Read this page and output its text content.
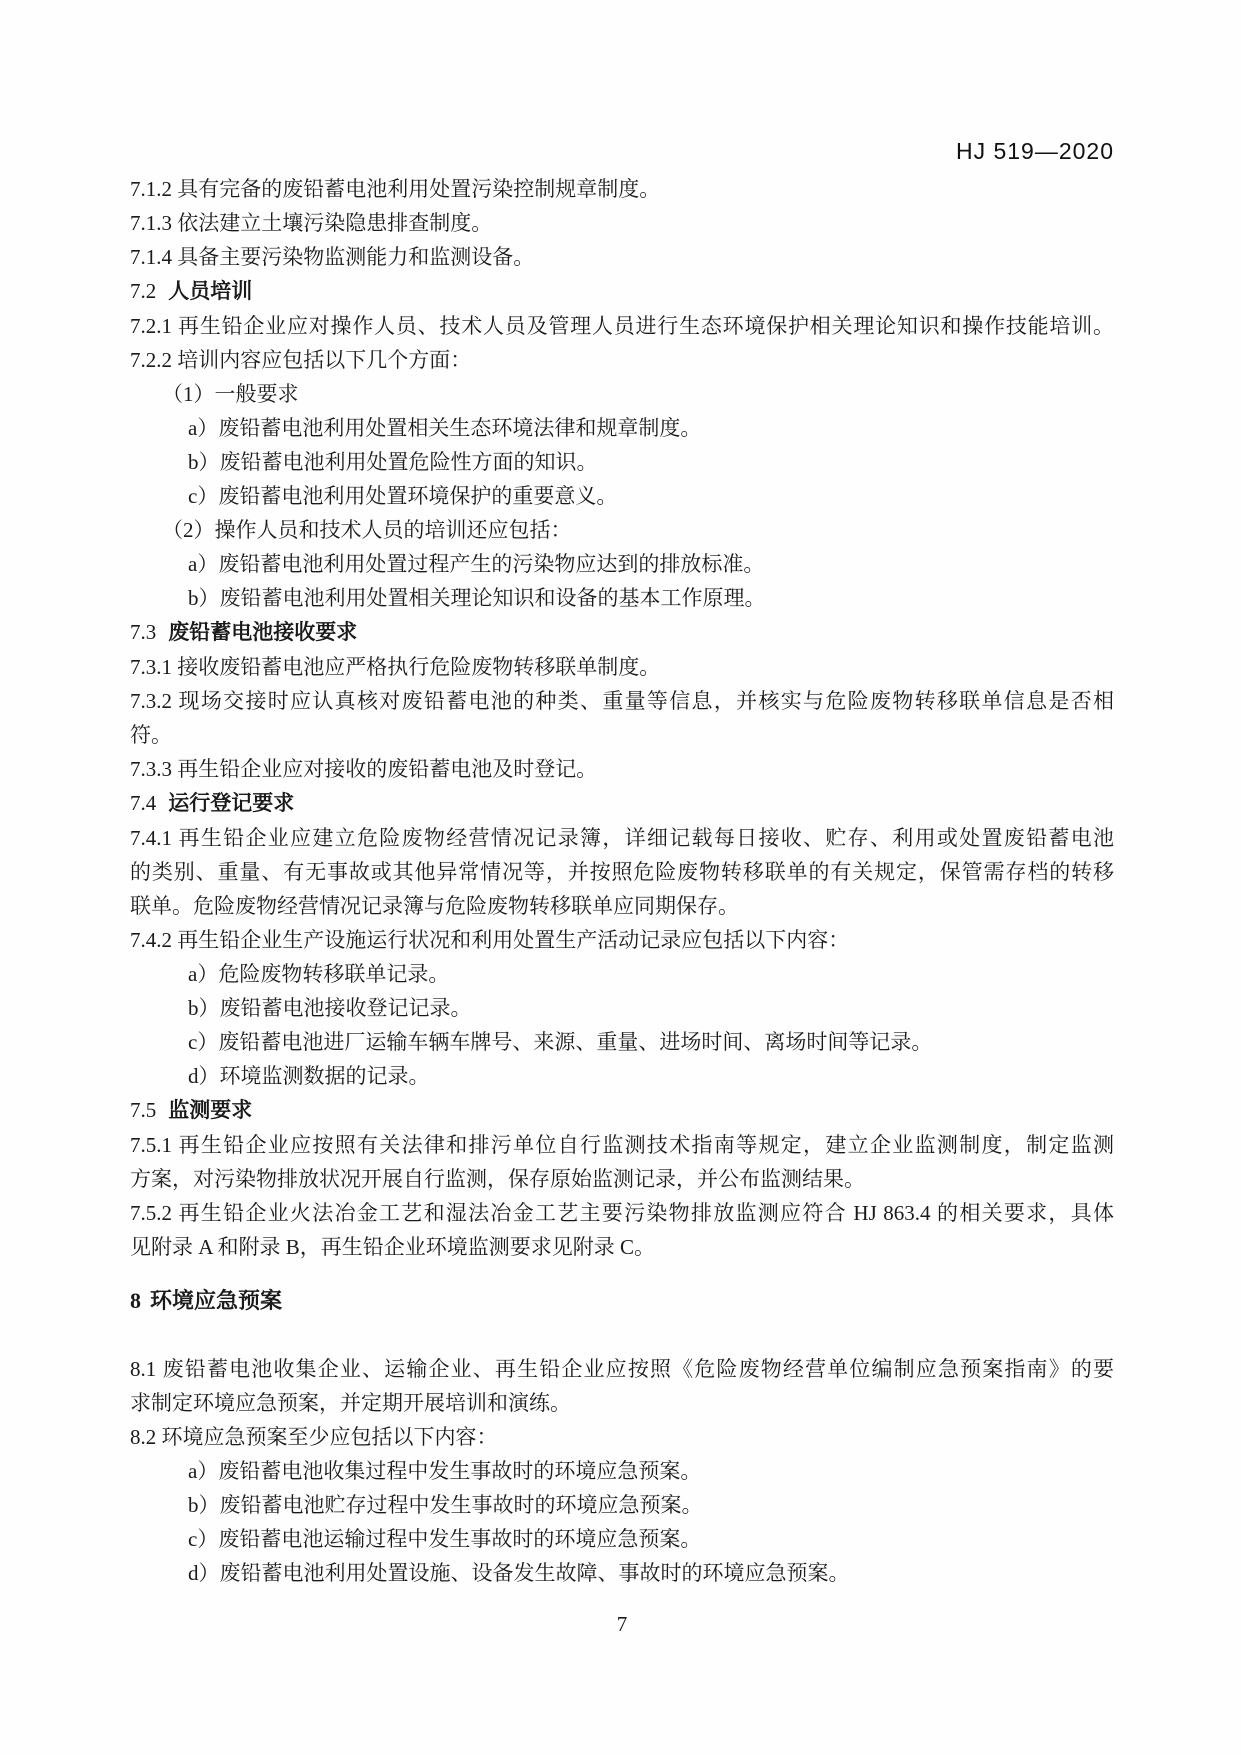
HJ 519—2020
7.1.2 具有完备的废铅蓄电池利用处置污染控制规章制度。
7.1.3 依法建立土壤污染隐患排查制度。
7.1.4 具备主要污染物监测能力和监测设备。
7.2 人员培训
7.2.1 再生铅企业应对操作人员、技术人员及管理人员进行生态环境保护相关理论知识和操作技能培训。
7.2.2 培训内容应包括以下几个方面：
（1）一般要求
a）废铅蓄电池利用处置相关生态环境法律和规章制度。
b）废铅蓄电池利用处置危险性方面的知识。
c）废铅蓄电池利用处置环境保护的重要意义。
（2）操作人员和技术人员的培训还应包括：
a）废铅蓄电池利用处置过程产生的污染物应达到的排放标准。
b）废铅蓄电池利用处置相关理论知识和设备的基本工作原理。
7.3 废铅蓄电池接收要求
7.3.1 接收废铅蓄电池应严格执行危险废物转移联单制度。
7.3.2 现场交接时应认真核对废铅蓄电池的种类、重量等信息，并核实与危险废物转移联单信息是否相
符。
7.3.3 再生铅企业应对接收的废铅蓄电池及时登记。
7.4 运行登记要求
7.4.1 再生铅企业应建立危险废物经营情况记录簿，详细记载每日接收、贮存、利用或处置废铅蓄电池
的类别、重量、有无事故或其他异常情况等，并按照危险废物转移联单的有关规定，保管需存档的转移
联单。危险废物经营情况记录簿与危险废物转移联单应同期保存。
7.4.2 再生铅企业生产设施运行状况和利用处置生产活动记录应包括以下内容：
a）危险废物转移联单记录。
b）废铅蓄电池接收登记记录。
c）废铅蓄电池进厂运输车辆车牌号、来源、重量、进场时间、离场时间等记录。
d）环境监测数据的记录。
7.5 监测要求
7.5.1 再生铅企业应按照有关法律和排污单位自行监测技术指南等规定，建立企业监测制度，制定监测
方案，对污染物排放状况开展自行监测，保存原始监测记录，并公布监测结果。
7.5.2 再生铅企业火法冶金工艺和湿法冶金工艺主要污染物排放监测应符合 HJ 863.4 的相关要求，具体
见附录 A 和附录 B，再生铅企业环境监测要求见附录 C。
8 环境应急预案
8.1 废铅蓄电池收集企业、运输企业、再生铅企业应按照《危险废物经营单位编制应急预案指南》的要
求制定环境应急预案，并定期开展培训和演练。
8.2 环境应急预案至少应包括以下内容：
a）废铅蓄电池收集过程中发生事故时的环境应急预案。
b）废铅蓄电池贮存过程中发生事故时的环境应急预案。
c）废铅蓄电池运输过程中发生事故时的环境应急预案。
d）废铅蓄电池利用处置设施、设备发生故障、事故时的环境应急预案。
7
